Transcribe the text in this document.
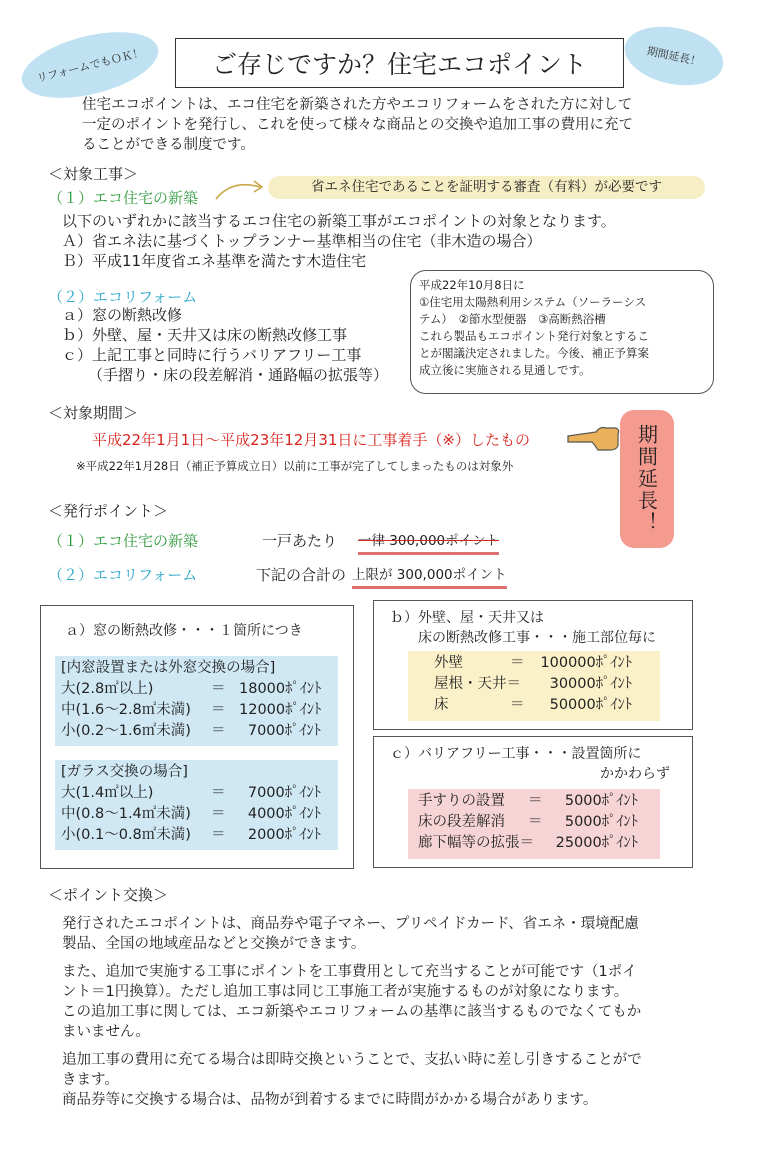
リフォームでもＯＫ！	ご存じですか？住宅エコポイント	期間延長！
住宅エコポイントは、エコ住宅を新築された方やエコリフォームをされた方に対して
一定のポイントを発行し、これを使って様々な商品との交換や追加工事の費用に充て
ることができる制度です。
＜対象工事＞
（１）エコ住宅の新築
省エネ住宅であることを証明する審査（有料）が必要です
以下のいずれかに該当するエコ住宅の新築工事がエコポイントの対象となります。
Ａ）省エネ法に基づくトップランナー基準相当の住宅（非木造の場合）
Ｂ）平成11年度省エネ基準を満たす木造住宅
（２）エコリフォーム
ａ）窓の断熱改修
ｂ）外壁、屋・天井又は床の断熱改修工事
ｃ）上記工事と同時に行うバリアフリー工事
（手摺り・床の段差解消・通路幅の拡張等）
平成22年10月8日に
①住宅用太陽熱利用システム（ソーラーシス
テム）　②節水型便器　③高断熱浴槽
これら製品もエコポイント発行対象とするこ
とが閣議決定されました。今後、補正予算案
成立後に実施される見通しです。
＜対象期間＞
平成22年1月1日～平成23年12月31日に工事着手（※）したもの	期間延長！
※平成22年1月28日（補正予算成立日）以前に工事が完了してしまったものは対象外
＜発行ポイント＞
（１）エコ住宅の新築	一戸あたり 一律 300,000ポイント
（２）エコリフォーム	下記の合計の 上限が 300,000ポイント
ａ）窓の断熱改修・・・１箇所につき
[内窓設置または外窓交換の場合]
大(2.8㎡以上)	＝ 18000ﾎﾟｲﾝﾄ
中(1.6～2.8㎡未満)	＝ 12000ﾎﾟｲﾝﾄ
小(0.2～1.6㎡未満)	＝	7000ﾎﾟｲﾝﾄ
[ガラス交換の場合]
大(1.4㎡以上)	＝	7000ﾎﾟｲﾝﾄ
中(0.8～1.4㎡未満)	＝	4000ﾎﾟｲﾝﾄ
小(0.1～0.8㎡未満)	＝	2000ﾎﾟｲﾝﾄ
ｂ）外壁、屋・天井又は
床の断熱改修工事・・・施工部位毎に
外壁	＝	100000ﾎﾟｲﾝﾄ
屋根・天井＝	30000ﾎﾟｲﾝﾄ
床	＝	50000ﾎﾟｲﾝﾄ
ｃ）バリアフリー工事・・・設置箇所に
かかわらず
手すりの設置	＝	5000ﾎﾟｲﾝﾄ
床の段差解消	＝	5000ﾎﾟｲﾝﾄ
廊下幅等の拡張＝	25000ﾎﾟｲﾝﾄ
＜ポイント交換＞
発行されたエコポイントは、商品券や電子マネー、プリペイドカード、省エネ・環境配慮
製品、全国の地域産品などと交換ができます。
また、追加で実施する工事にポイントを工事費用として充当することが可能です（1ポイ
ント＝1円換算）。ただし追加工事は同じ工事施工者が実施するものが対象になります。
この追加工事に関しては、エコ新築やエコリフォームの基準に該当するものでなくてもか
まいません。
追加工事の費用に充てる場合は即時交換ということで、支払い時に差し引きすることがで
きます。
商品券等に交換する場合は、品物が到着するまでに時間がかかる場合があります。
